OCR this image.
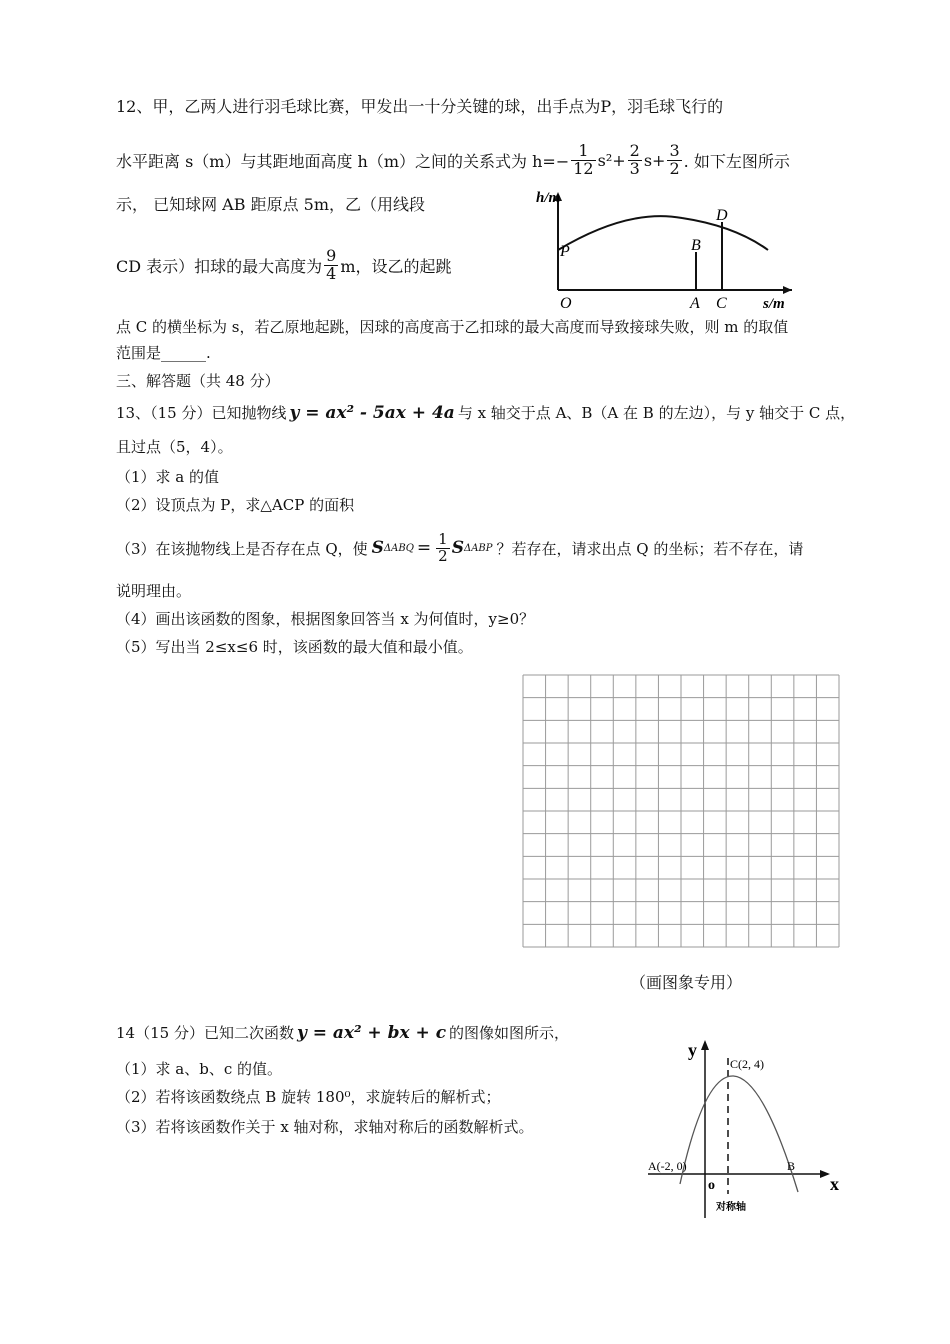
12、甲，乙两人进行羽毛球比赛，甲发出一十分关键的球，出手点为P，羽毛球飞行的
水平距离 s（m）与其距地面高度 h（m）之间的关系式为 $h=- \frac{1}{12} s^2+ \frac{2}{3} s+ \frac{3}{2}$ . 如下左图所示
示， 已知球网 AB 距原点 5m，乙（用线段
CD 表示）扣球的最大高度为 $\frac{9}{4}$ m，设乙的起跳
h/m
s/m
P
O	A
B
C
D
点 C 的横坐标为 s，若乙原地起跳，因球的高度高于乙扣球的最大高度而导致接球失败，则 m 的取值
范围是______.
三、解答题（共 48 分）
13、（15 分）已知抛物线 y = ax² - 5ax + 4a 与 x 轴交于点 A、B（A 在 B 的左边），与 y 轴交于 C 点，
且过点（5，4）。
（1）求 a 的值
（2）设顶点为 P，求△ACP 的面积
（3）在该抛物线上是否存在点 Q，使 S $\Delta ABQ = \frac{1}{2}$ S ΔABP ？若存在，请求出点 Q 的坐标；若不存在，请
说明理由。
（4）画出该函数的图象，根据图象回答当 x 为何值时，y≥0？
（5）写出当 2≤x≤6 时，该函数的最大值和最小值。
（画图象专用）
14（15 分）已知二次函数 y = ax² + bx + c 的图像如图所示，
（1）求 a、b、c 的值。
（2）若将该函数绕点 B 旋转 180⁰，求旋转后的解析式；
（3）若将该函数作关于 x 轴对称，求轴对称后的函数解析式。
y
x
o
C(2, 4)
A(-2, 0)	B
对称轴
